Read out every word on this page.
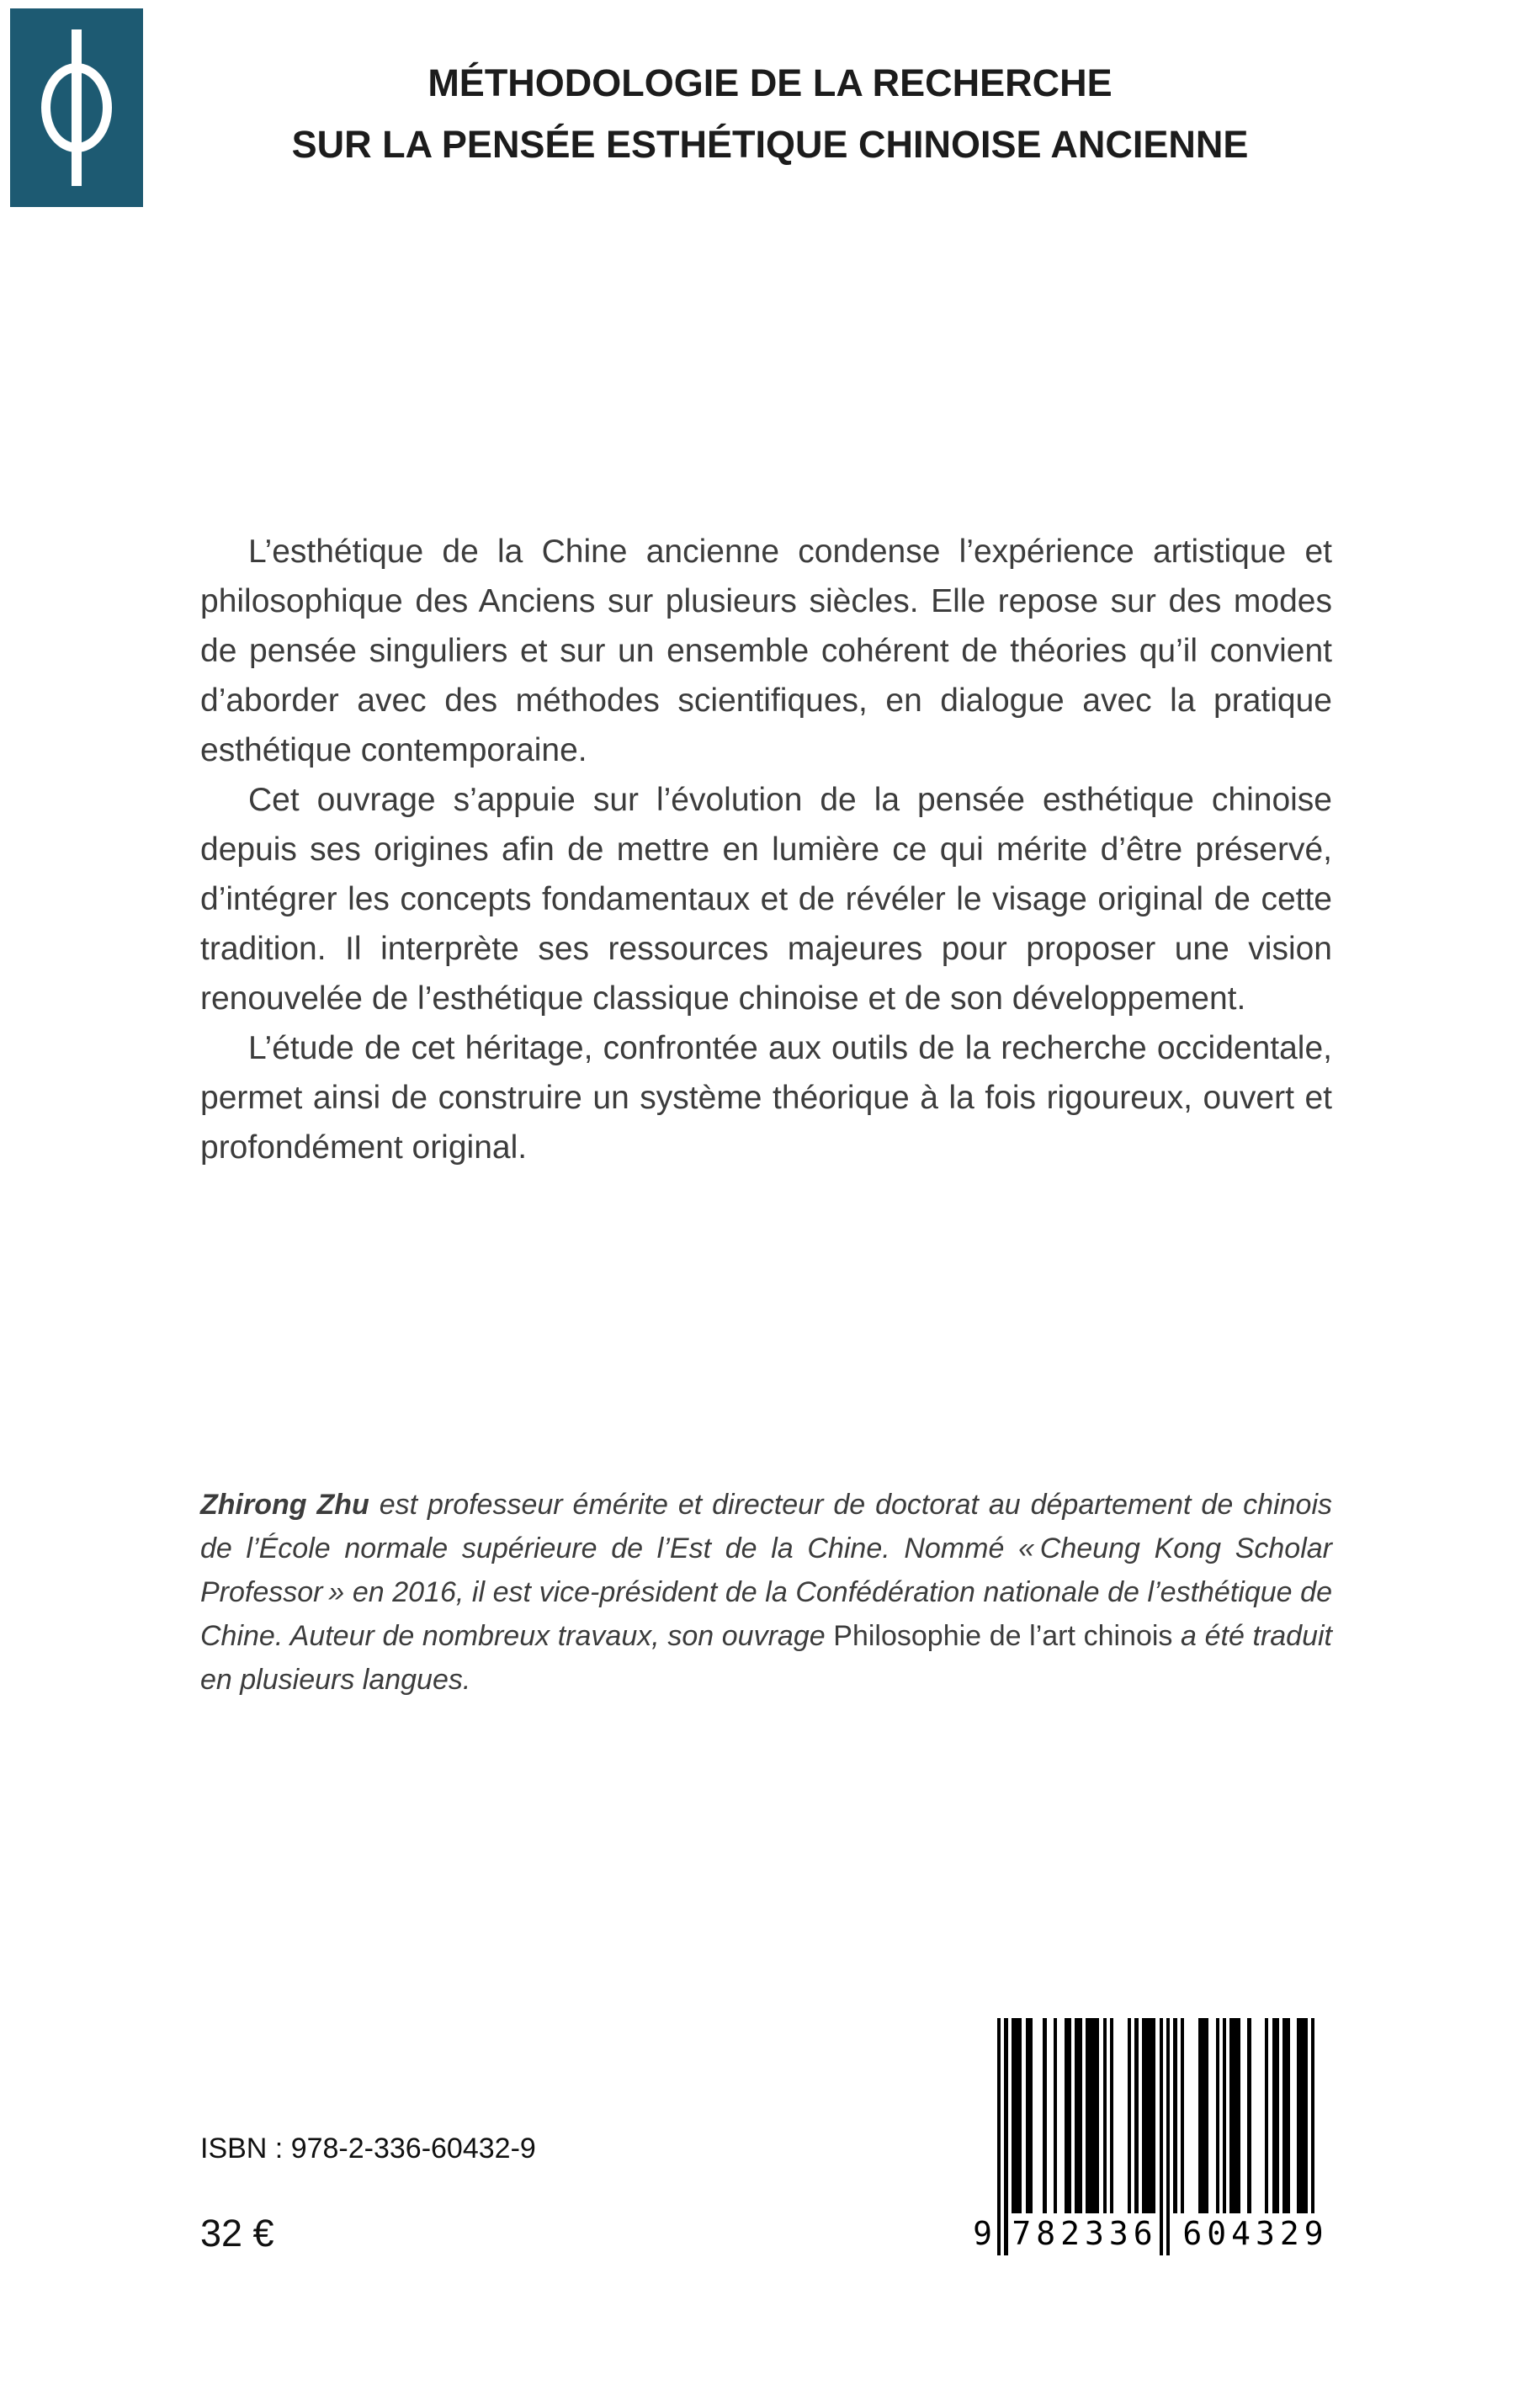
MÉTHODOLOGIE DE LA RECHERCHE
SUR LA PENSÉE ESTHÉTIQUE CHINOISE ANCIENNE

L’esthétique de la Chine ancienne condense l’expérience artistique et philosophique des Anciens sur plusieurs siècles. Elle repose sur des modes de pensée singuliers et sur un ensemble cohérent de théories qu’il convient d’aborder avec des méthodes scientifiques, en dialogue avec la pratique esthétique contemporaine.

Cet ouvrage s’appuie sur l’évolution de la pensée esthétique chinoise depuis ses origines afin de mettre en lumière ce qui mérite d’être préservé, d’intégrer les concepts fondamentaux et de révéler le visage original de cette tradition. Il interprète ses ressources majeures pour proposer une vision renouvelée de l’esthétique classique chinoise et de son développement.

L’étude de cet héritage, confrontée aux outils de la recherche occidentale, permet ainsi de construire un système théorique à la fois rigoureux, ouvert et profondément original.

Zhirong Zhu est professeur émérite et directeur de doctorat au département de chinois de l’École normale supérieure de l’Est de la Chine. Nommé « Cheung Kong Scholar Professor » en 2016, il est vice-président de la Confédération nationale de l’esthétique de Chine. Auteur de nombreux travaux, son ouvrage Philosophie de l’art chinois a été traduit en plusieurs langues.
ISBN : 978-2-336-60432-9
32 €	9 782336 604329
